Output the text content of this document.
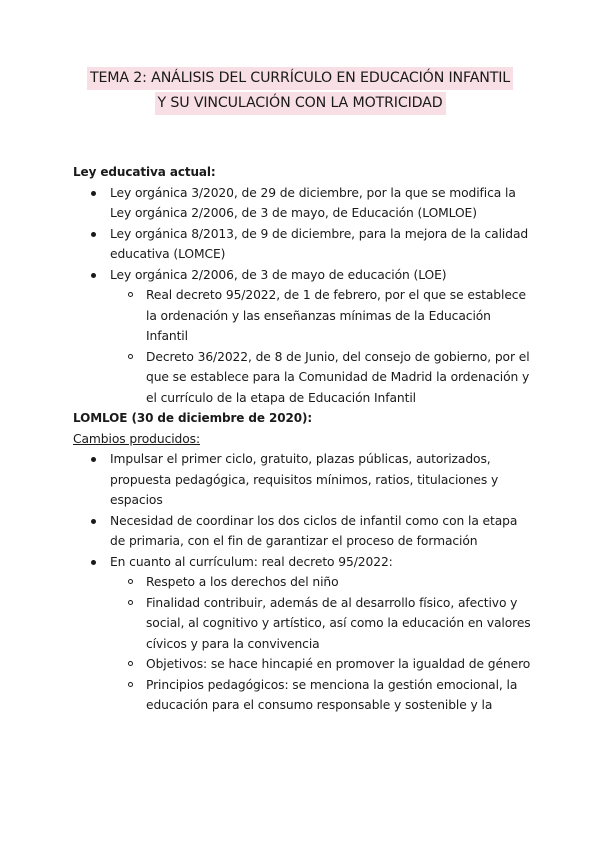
TEMA 2: ANÁLISIS DEL CURRÍCULO EN EDUCACIÓN INFANTIL
Y SU VINCULACIÓN CON LA MOTRICIDAD

Ley educativa actual:

Ley orgánica 3/2020, de 29 de diciembre, por la que se modifica la Ley orgánica 2/2006, de 3 de mayo, de Educación (LOMLOE)
Ley orgánica 8/2013, de 9 de diciembre, para la mejora de la calidad educativa (LOMCE)
Ley orgánica 2/2006, de 3 de mayo de educación (LOE)
Real decreto 95/2022, de 1 de febrero, por el que se establece la ordenación y las enseñanzas mínimas de la Educación Infantil
Decreto 36/2022, de 8 de Junio, del consejo de gobierno, por el que se establece para la Comunidad de Madrid la ordenación y el currículo de la etapa de Educación Infantil

LOMLOE (30 de diciembre de 2020):

Cambios producidos:

Impulsar el primer ciclo, gratuito, plazas públicas, autorizados, propuesta pedagógica, requisitos mínimos, ratios, titulaciones y espacios
Necesidad de coordinar los dos ciclos de infantil como con la etapa de primaria, con el fin de garantizar el proceso de formación
En cuanto al currículum: real decreto 95/2022:
Respeto a los derechos del niño
Finalidad contribuir, además de al desarrollo físico, afectivo y social, al cognitivo y artístico, así como la educación en valores cívicos y para la convivencia
Objetivos: se hace hincapié en promover la igualdad de género
Principios pedagógicos: se menciona la gestión emocional, la educación para el consumo responsable y sostenible y la
